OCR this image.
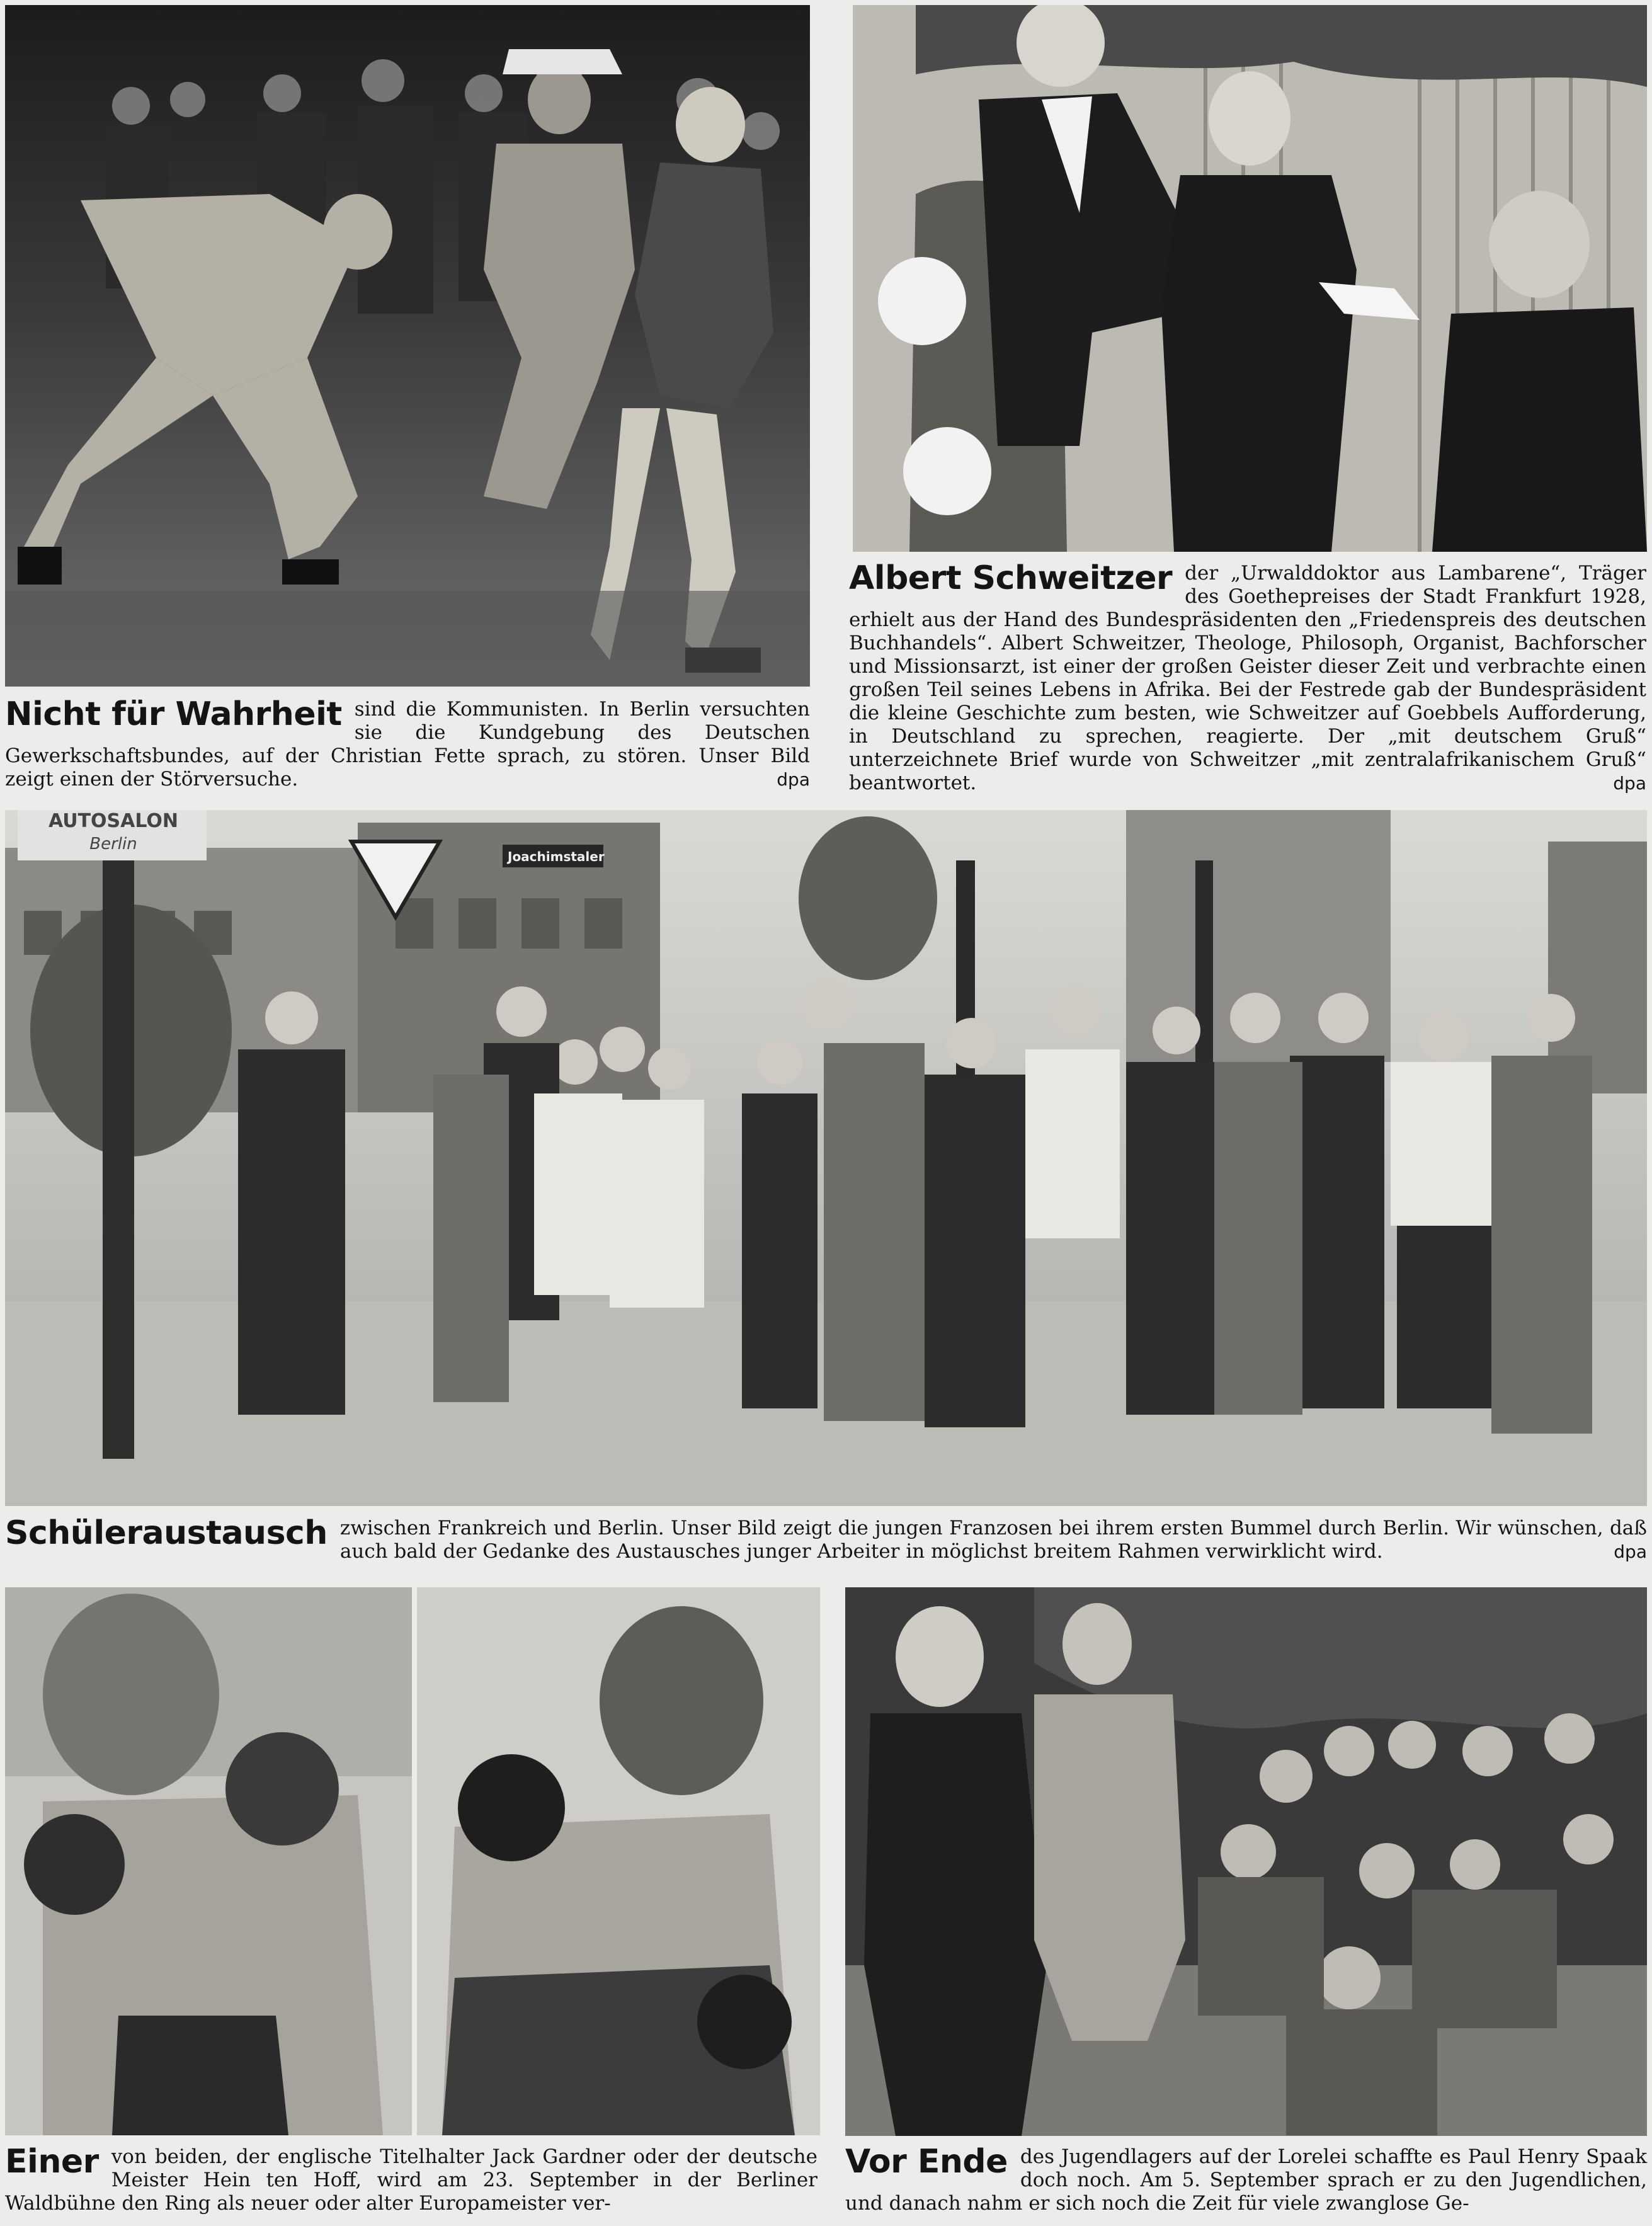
Nicht für Wahrheit sind die Kommunisten. In Berlin versuchten sie die Kundgebung des Deutschen Gewerkschaftsbundes, auf der Christian Fette sprach, zu stören. Unser Bild zeigt einen der Störversuche.	dpa
Albert Schweitzer der „Urwalddoktor aus Lambarene“, Träger des Goethepreises der Stadt Frankfurt 1928, erhielt aus der Hand des Bundespräsidenten den „Friedenspreis des deutschen Buchhandels“. Albert Schweitzer, Theologe, Philosoph, Organist, Bachforscher und Missionsarzt, ist einer der großen Geister dieser Zeit und verbrachte einen großen Teil seines Lebens in Afrika. Bei der Festrede gab der Bundespräsident die kleine Geschichte zum besten, wie Schweitzer auf Goebbels Aufforderung, in Deutschland zu sprechen, reagierte. Der „mit deutschem Gruß“ unterzeichnete Brief wurde von Schweitzer „mit zentralafrikanischem Gruß“ beantwortet.	dpa
Schüleraustausch zwischen Frankreich und Berlin. Unser Bild zeigt die jungen Franzosen bei ihrem ersten Bummel durch Berlin. Wir wünschen, daß auch bald der Gedanke des Austausches junger Arbeiter in möglichst breitem Rahmen verwirklicht wird.	dpa
Einer von beiden, der englische Titelhalter Jack Gardner oder der deutsche Meister Hein ten Hoff, wird am 23. September in der Berliner Waldbühne den Ring als neuer oder alter Europameister ver-
Vor Ende des Jugendlagers auf der Lorelei schaffte es Paul Henry Spaak doch noch. Am 5. September sprach er zu den Jugendlichen, und danach nahm er sich noch die Zeit für viele zwanglose Ge-
AUTOSALON
Berlin
Joachimstaler
